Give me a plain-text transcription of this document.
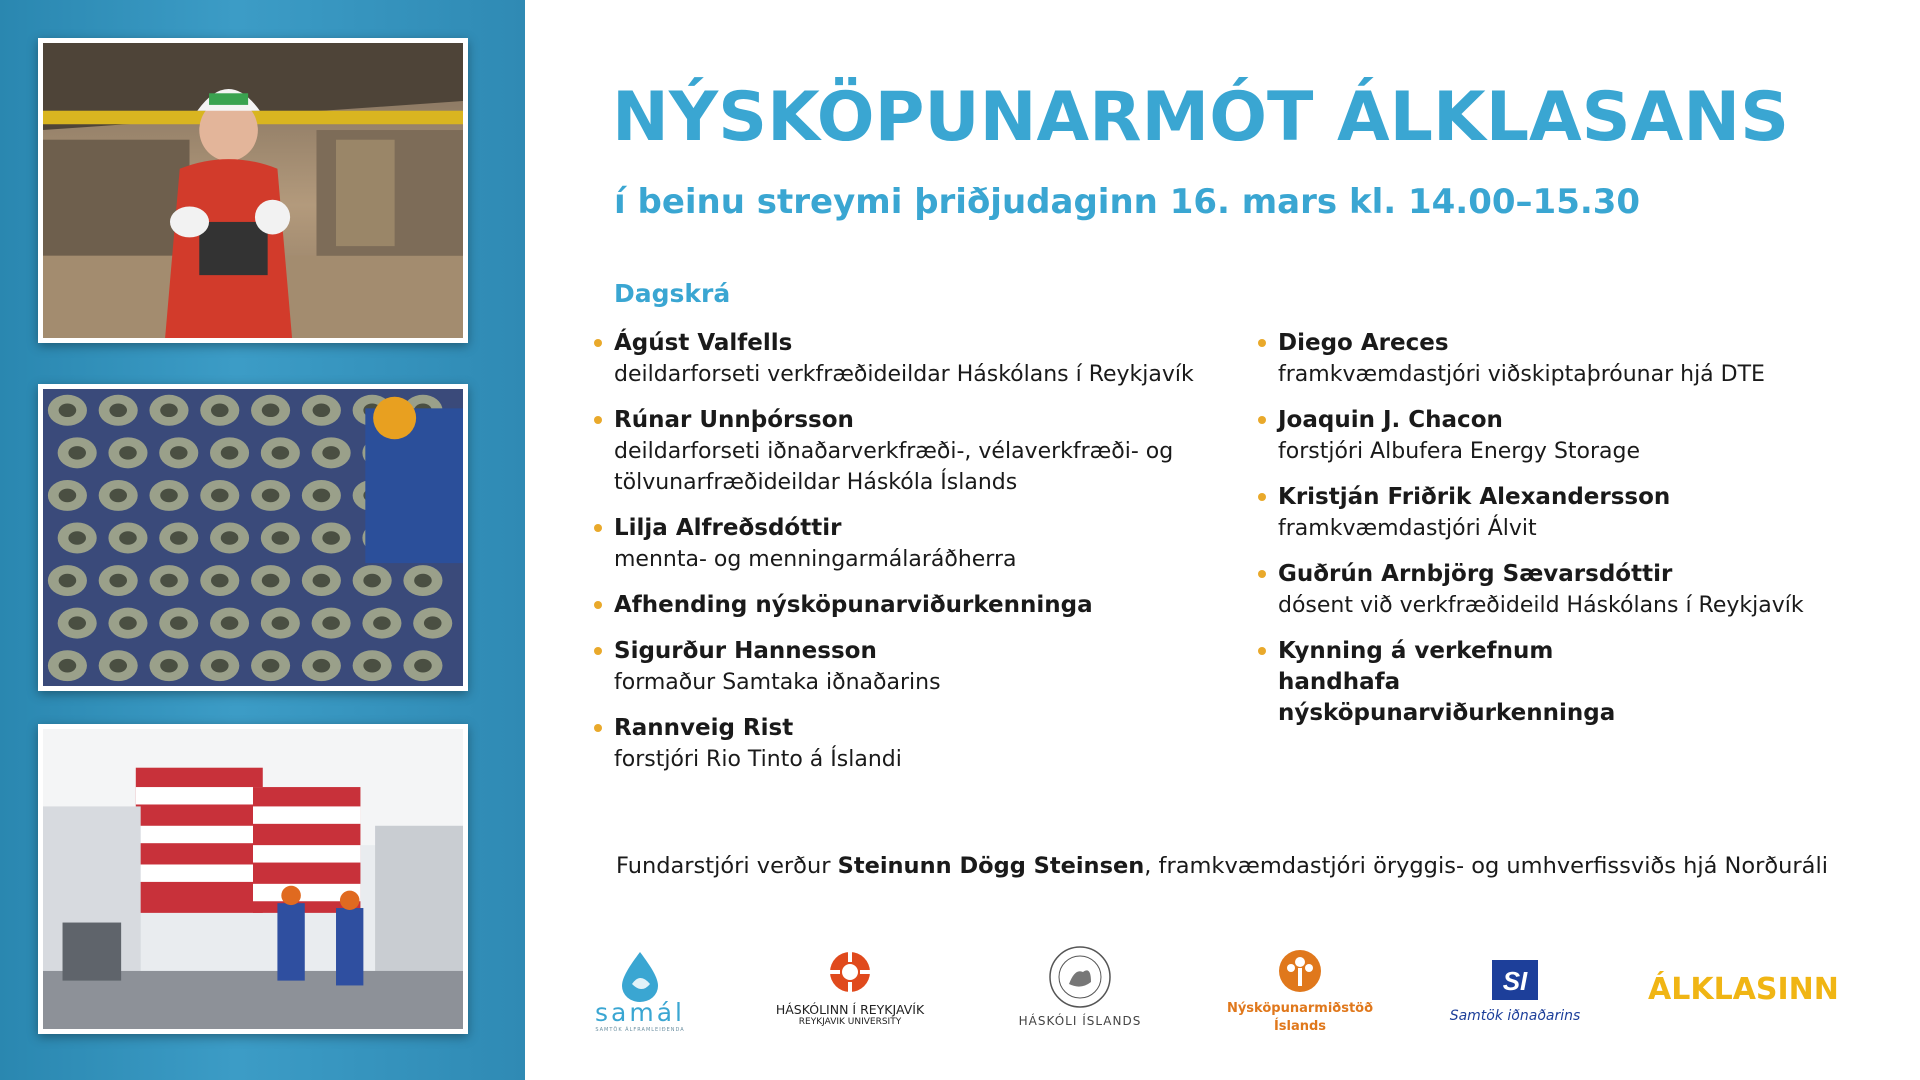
NÝSKÖPUNARMÓT ÁLKLASANS
í beinu streymi þriðjudaginn 16. mars kl. 14.00–15.30
Dagskrá
Ágúst Valfells
deildarforseti verkfræðideildar Háskólans í Reykjavík
Rúnar Unnþórsson
deildarforseti iðnaðarverkfræði-, vélaverkfræði- og
tölvunarfræðideildar Háskóla Íslands
Lilja Alfreðsdóttir
mennta- og menningarmálaráðherra
Afhending nýsköpunarviðurkenninga
Sigurður Hannesson
formaður Samtaka iðnaðarins
Rannveig Rist
forstjóri Rio Tinto á Íslandi
Diego Areces
framkvæmdastjóri viðskiptaþróunar hjá DTE
Joaquin J. Chacon
forstjóri Albufera Energy Storage
Kristján Friðrik Alexandersson
framkvæmdastjóri Álvit
Guðrún Arnbjörg Sævarsdóttir
dósent við verkfræðideild Háskólans í Reykjavík
Kynning á verkefnum handhafa nýsköpunarviðurkenninga
Fundarstjóri verður Steinunn Dögg Steinsen, framkvæmdastjóri öryggis- og umhverfissviðs hjá Norðuráli
samál
SAMTÖK ÁLFRAMLEIÐENDA
HÁSKÓLINN Í REYKJAVÍK
REYKJAVIK UNIVERSITY	HÁSKÓLI ÍSLANDS
Nýsköpunarmiðstöð
Íslands
SI
Samtök iðnaðarins
ÁLKLASINN
